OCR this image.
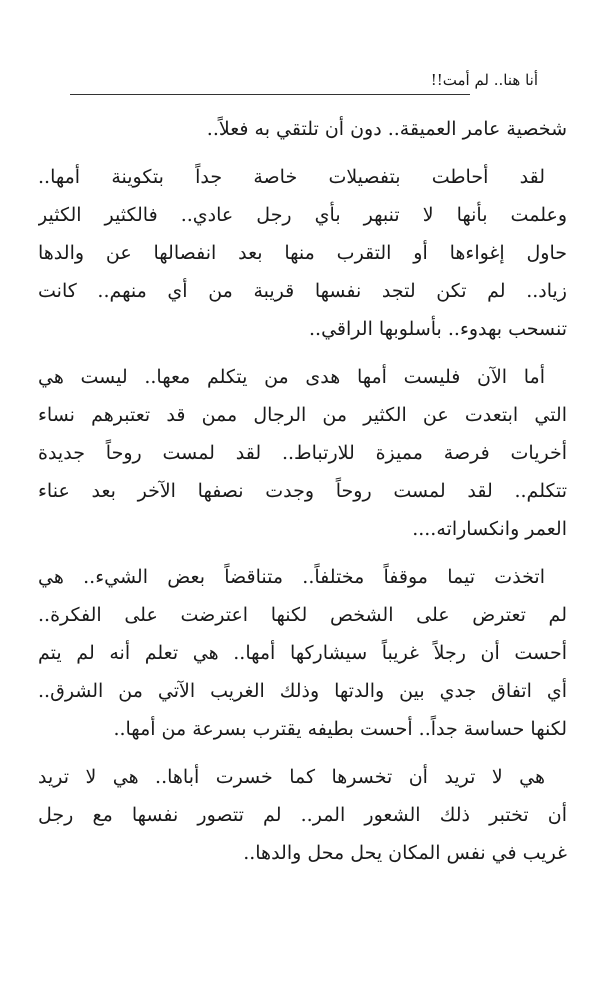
أنا هنا.. لم أمت!!
شخصية عامر العميقة.. دون أن تلتقي به فعلاً..
لقد أحاطت بتفصيلات خاصة جداً بتكوينة أمها..
وعلمت بأنها لا تنبهر بأي رجل عادي.. فالكثير الكثير
حاول إغواءها أو التقرب منها بعد انفصالها عن والدها
زياد.. لم تكن لتجد نفسها قريبة من أي منهم.. كانت
تنسحب بهدوء.. بأسلوبها الراقي..
أما الآن فليست أمها هدى من يتكلم معها.. ليست هي
التي ابتعدت عن الكثير من الرجال ممن قد تعتبرهم نساء
أخريات فرصة مميزة للارتباط.. لقد لمست روحاً جديدة
تتكلم.. لقد لمست روحاً وجدت نصفها الآخر بعد عناء
العمر وانكساراته....
اتخذت تيما موقفاً مختلفاً.. متناقضاً بعض الشيء.. هي
لم تعترض على الشخص لكنها اعترضت على الفكرة..
أحست أن رجلاً غريباً سيشاركها أمها.. هي تعلم أنه لم يتم
أي اتفاق جدي بين والدتها وذلك الغريب الآتي من الشرق..
لكنها حساسة جداً.. أحست بطيفه يقترب بسرعة من أمها..
هي لا تريد أن تخسرها كما خسرت أباها.. هي لا تريد
أن تختبر ذلك الشعور المر.. لم تتصور نفسها مع رجل
غريب في نفس المكان يحل محل والدها..
